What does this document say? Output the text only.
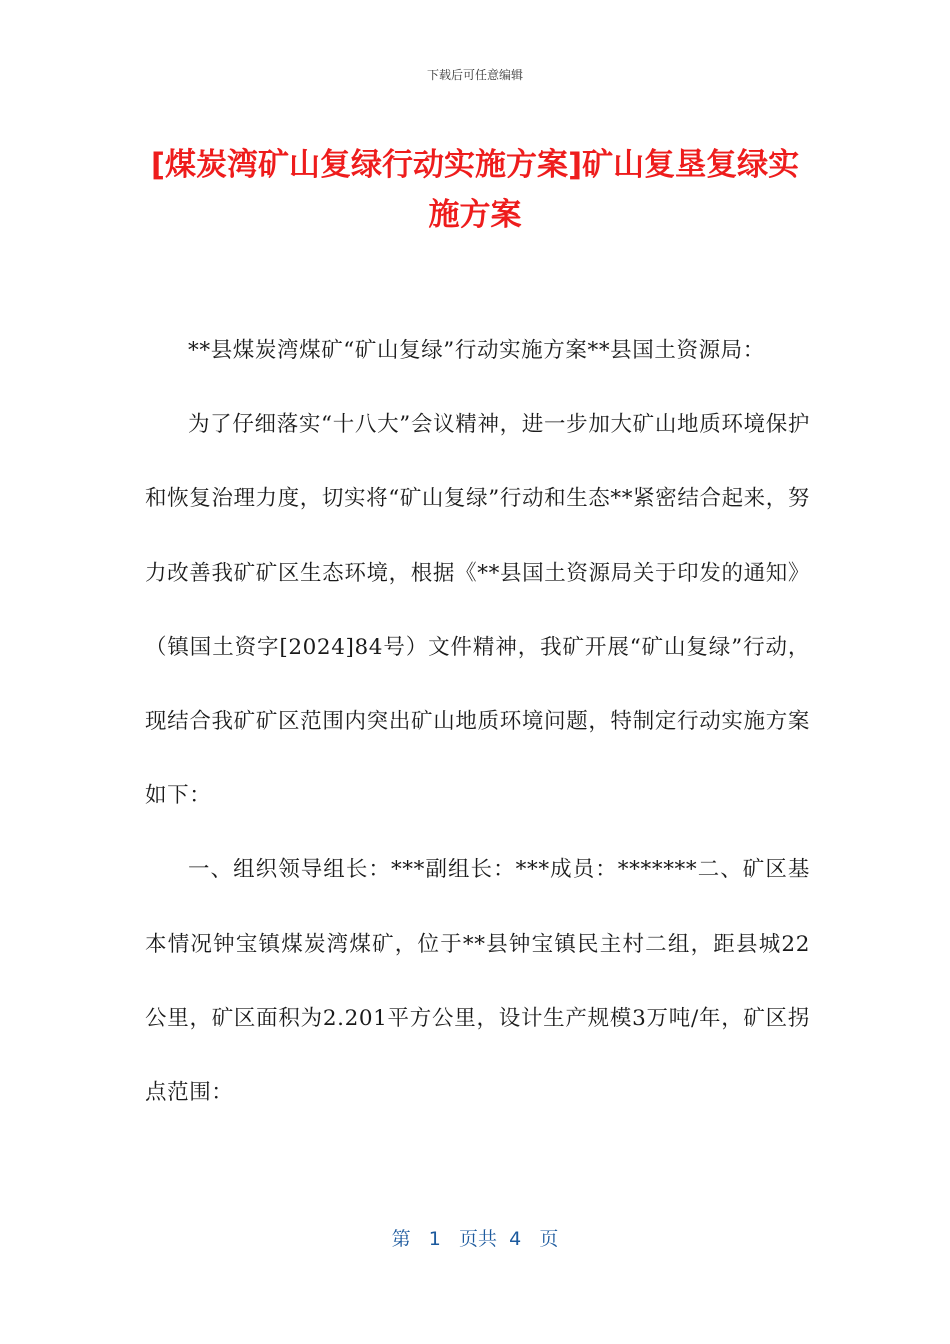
下载后可任意编辑
[煤炭湾矿山复绿行动实施方案]矿山复垦复绿实施方案

**县煤炭湾煤矿“矿山复绿”行动实施方案**县国土资源局：

为了仔细落实“十八大”会议精神，进一步加大矿山地质环境保护和恢复治理力度，切实将“矿山复绿”行动和生态**紧密结合起来，努力改善我矿矿区生态环境，根据《**县国土资源局关于印发的通知》（镇国土资字[2024]84号）文件精神，我矿开展“矿山复绿”行动，现结合我矿矿区范围内突出矿山地质环境问题，特制定行动实施方案如下：

一、组织领导组长：***副组长：***成员：*******二、矿区基本情况钟宝镇煤炭湾煤矿，位于**县钟宝镇民主村二组，距县城22公里，矿区面积为2.201平方公里，设计生产规模3万吨/年，矿区拐点范围：

第 1 页共 4 页
